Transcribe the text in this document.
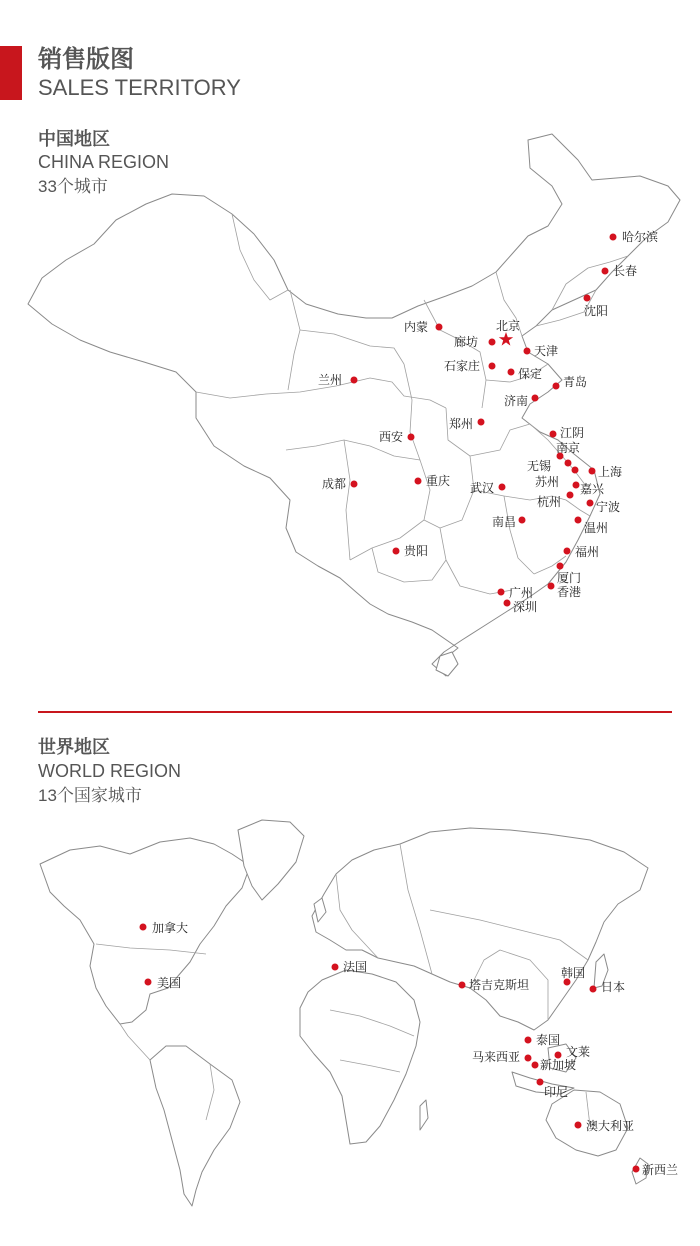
销售版图
SALES TERRITORY
中国地区
CHINA REGION
33个城市
北京
哈尔滨
长春
沈阳
内蒙
廊坊
天津
石家庄
保定
青岛
兰州
济南
郑州
江阴
西安
南京
无锡	上海
苏州 嘉兴
成都	重庆 武汉
杭州	宁波
南昌	温州
贵阳	福州
厦门
香港
广州
深圳
世界地区
WORLD REGION
13个国家城市
加拿大
美国
法国
塔吉克斯坦
韩国
日本
泰国
文莱
马来西亚
新加坡
印尼
澳大利亚
新西兰
